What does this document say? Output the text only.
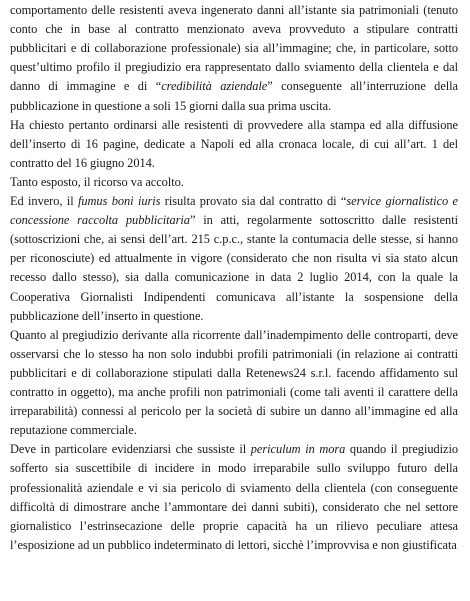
comportamento delle resistenti aveva ingenerato danni all’istante sia patrimoniali (tenuto
conto che in base al contratto menzionato aveva provveduto a stipulare contratti
pubblicitari e di collaborazione professionale) sia all’immagine; che, in particolare, sotto
quest’ultimo profilo il pregiudizio era rappresentato dallo sviamento della clientela e dal
danno di immagine e di “credibilità aziendale” conseguente all’interruzione della
pubblicazione in questione a soli 15 giorni dalla sua prima uscita.
Ha chiesto pertanto ordinarsi alle resistenti di provvedere alla stampa ed alla diffusione
dell’inserto di 16 pagine, dedicate a Napoli ed alla cronaca locale, di cui all’art. 1 del
contratto del 16 giugno 2014.
Tanto esposto, il ricorso va accolto.
Ed invero, il fumus boni iuris risulta provato sia dal contratto di “service giornalistico e
concessione raccolta pubblicitaria” in atti, regolarmente sottoscritto dalle resistenti
(sottoscrizioni che, ai sensi dell’art. 215 c.p.c., stante la contumacia delle stesse, si hanno
per riconosciute) ed attualmente in vigore (considerato che non risulta vi sia stato alcun
recesso dallo stesso), sia dalla comunicazione in data 2 luglio 2014, con la quale la
Cooperativa Giornalisti Indipendenti comunicava all’istante la sospensione della
pubblicazione dell’inserto in questione.
Quanto al pregiudizio derivante alla ricorrente dall’inadempimento delle controparti, deve
osservarsi che lo stesso ha non solo indubbi profili patrimoniali (in relazione ai contratti
pubblicitari e di collaborazione stipulati dalla Retenews24 s.r.l. facendo affidamento sul
contratto in oggetto), ma anche profili non patrimoniali (come tali aventi il carattere della
irreparabilità) connessi al pericolo per la società di subire un danno all’immagine ed alla
reputazione commerciale.
Deve in particolare evidenziarsi che sussiste il periculum in mora quando il pregiudizio
sofferto sia suscettibile di incidere in modo irreparabile sullo sviluppo futuro della
professionalità aziendale e vi sia pericolo di sviamento della clientela (con conseguente
difficoltà di dimostrare anche l’ammontare dei danni subiti), considerato che nel settore
giornalistico l’estrinsecazione delle proprie capacità ha un rilievo peculiare attesa
l’esposizione ad un pubblico indeterminato di lettori, sicchè l’improvvisa e non giustificata
